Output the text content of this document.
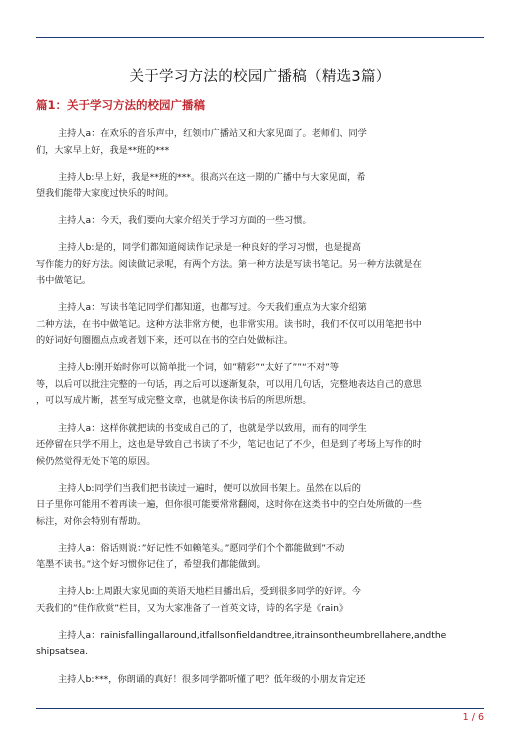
关于学习方法的校园广播稿（精选3篇）
篇1：关于学习方法的校园广播稿
主持人a：在欢乐的音乐声中，红领巾广播站又和大家见面了。老师们、同学
们，大家早上好，我是**班的***
主持人b:早上好，我是**班的***。很高兴在这一期的广播中与大家见面，希
望我们能带大家度过快乐的时间。
主持人a：今天，我们要向大家介绍关于学习方面的一些习惯。
主持人b:是的，同学们都知道阅读作记录是一种良好的学习习惯，也是提高
写作能力的好方法。阅读做记录呢，有两个方法。第一种方法是写读书笔记。另一种方法就是在
书中做笔记。
主持人a：写读书笔记同学们都知道，也都写过。今天我们重点为大家介绍第
二种方法，在书中做笔记。这种方法非常方便，也非常实用。读书时，我们不仅可以用笔把书中
的好词好句圈圈点点或者划下来，还可以在书的空白处做标注。
主持人b:刚开始时你可以简单批一个词，如”精彩”“太好了””“不对”等
等，以后可以批注完整的一句话，再之后可以逐渐复杂，可以用几句话，完整地表达自己的意思
，可以写成片断，甚至写成完整文章，也就是你读书后的所思所想。
主持人a：这样你就把读的书变成自己的了，也就是学以致用，而有的同学生
还停留在只学不用上，这也是导致自己书读了不少，笔记也记了不少，但是到了考场上写作的时
候仍然觉得无处下笔的原因。
主持人b:同学们当我们把书读过一遍时，便可以放回书架上。虽然在以后的
日子里你可能用不着再读一遍，但你很可能要常常翻阅，这时你在这类书中的空白处所做的一些
标注，对你会特别有帮助。
主持人a：俗话则说：”好记性不如赖笔头。”愿同学们个个都能做到”不动
笔墨不读书。”这个好习惯你记住了，希望我们都能做到。
主持人b:上周跟大家见面的英语天地栏目播出后，受到很多同学的好评。今
天我们的”佳作欣赏”栏目，又为大家准备了一首英文诗，诗的名字是《rain》
主持人a：rainisfallingallaround,itfallsonfieldandtree,itrainsontheumbrellahere,andthe
shipsatsea.
主持人b:***，你朗诵的真好！很多同学都听懂了吧？低年级的小朋友肯定还
1 / 6
